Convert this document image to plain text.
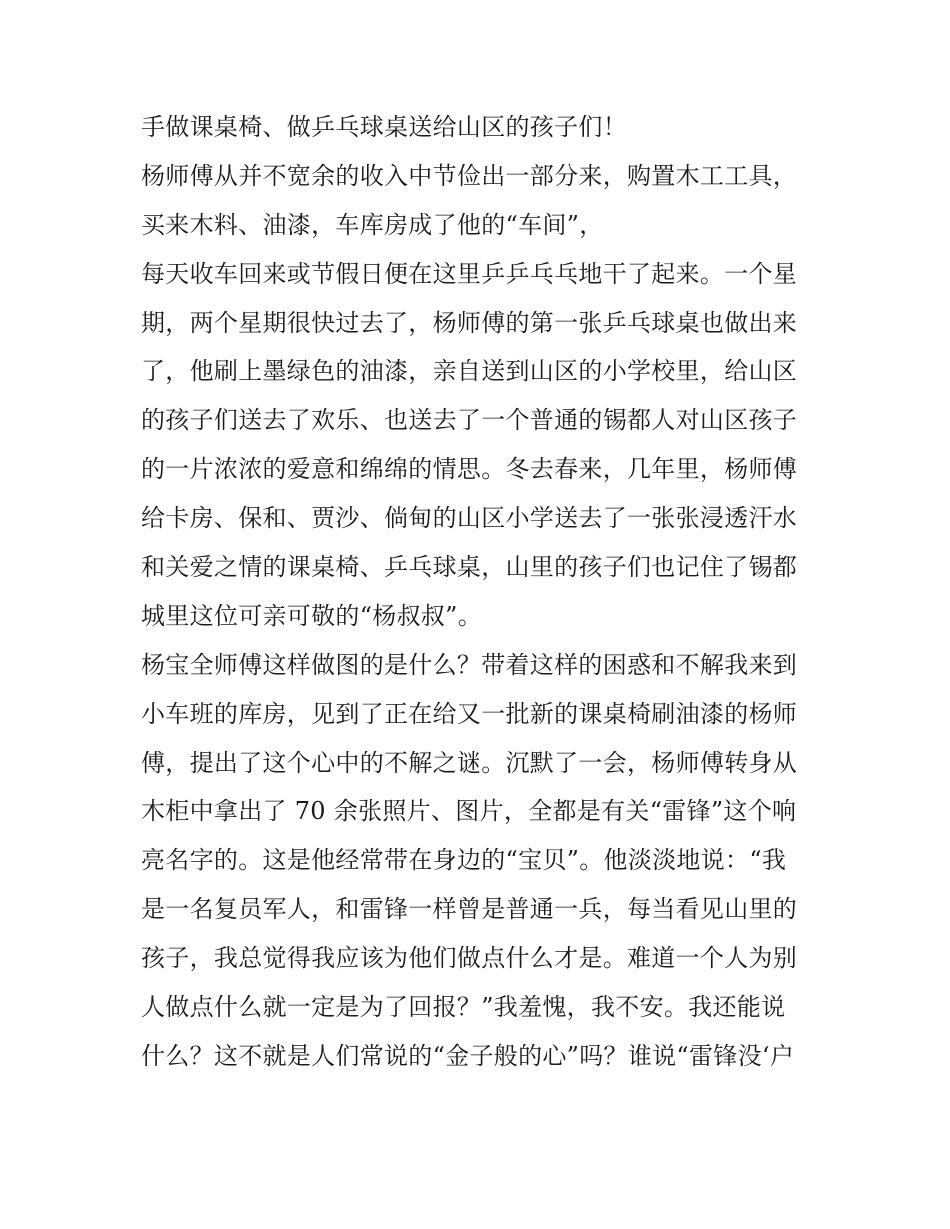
手做课桌椅、做乒乓球桌送给山区的孩子们！
杨师傅从并不宽余的收入中节俭出一部分来，购置木工工具，
买来木料、油漆，车库房成了他的“车间”，
每天收车回来或节假日便在这里乒乒乓乓地干了起来。一个星
期，两个星期很快过去了，杨师傅的第一张乒乓球桌也做出来
了，他刷上墨绿色的油漆，亲自送到山区的小学校里，给山区
的孩子们送去了欢乐、也送去了一个普通的锡都人对山区孩子
的一片浓浓的爱意和绵绵的情思。冬去春来，几年里，杨师傅
给卡房、保和、贾沙、倘甸的山区小学送去了一张张浸透汗水
和关爱之情的课桌椅、乒乓球桌，山里的孩子们也记住了锡都
城里这位可亲可敬的“杨叔叔”。
杨宝全师傅这样做图的是什么？带着这样的困惑和不解我来到
小车班的库房，见到了正在给又一批新的课桌椅刷油漆的杨师
傅，提出了这个心中的不解之谜。沉默了一会，杨师傅转身从
木柜中拿出了 70 余张照片、图片，全都是有关“雷锋”这个响
亮名字的。这是他经常带在身边的“宝贝”。他淡淡地说：“我
是一名复员军人，和雷锋一样曾是普通一兵，每当看见山里的
孩子，我总觉得我应该为他们做点什么才是。难道一个人为别
人做点什么就一定是为了回报？”我羞愧，我不安。我还能说
什么？这不就是人们常说的“金子般的心”吗？谁说“雷锋没‘户
